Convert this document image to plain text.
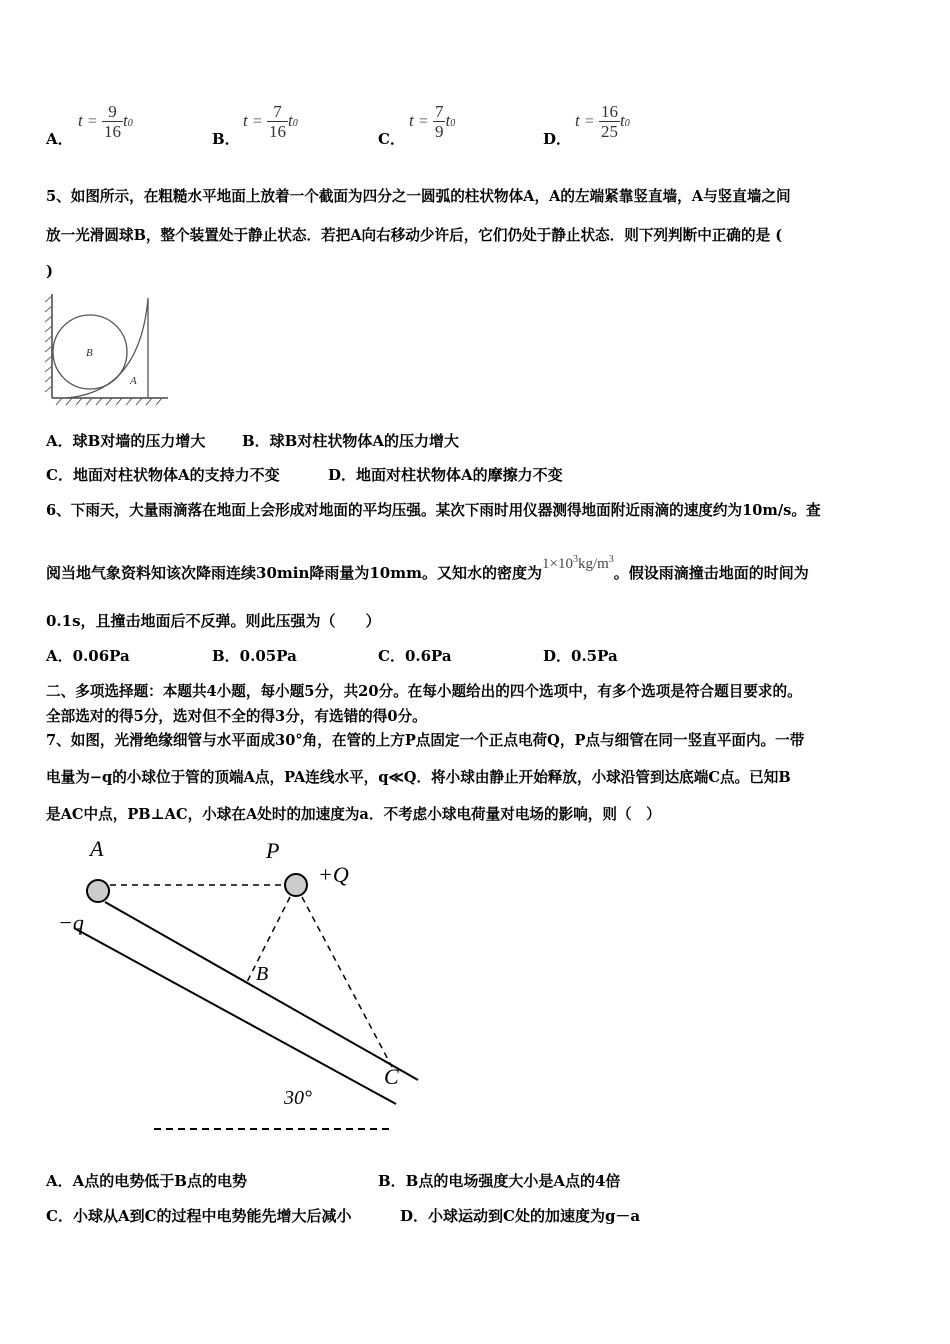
A．
$t = \frac{9}{16} t0$
B．
$t = \frac{7}{16} t0$
C．
$t = \frac{7}{9} t0$
D．
$t = \frac{16}{25} t0$
5、如图所示，在粗糙水平地面上放着一个截面为四分之一圆弧的柱状物体A，A的左端紧靠竖直墙，A与竖直墙之间
放一光滑圆球B，整个装置处于静止状态．若把A向右移动少许后，它们仍处于静止状态．则下列判断中正确的是 (
)
B
A
A．球B对墙的压力增大 B．球B对柱状物体A的压力增大
C．地面对柱状物体A的支持力不变	D．地面对柱状物体A的摩擦力不变
6、下雨天，大量雨滴落在地面上会形成对地面的平均压强。某次下雨时用仪器测得地面附近雨滴的速度约为10m/s。查
阅当地气象资料知该次降雨连续30min降雨量为10mm。又知水的密度为$1\times 10^3kg/m^3$。假设雨滴撞击地面的时间为
0.1s，且撞击地面后不反弹。则此压强为（　　）
A．0.06Pa	B．0.05Pa	C．0.6Pa	D．0.5Pa
二、多项选择题：本题共4小题，每小题5分，共20分。在每小题给出的四个选项中，有多个选项是符合题目要求的。
全部选对的得5分，选对但不全的得3分，有选错的得0分。
7、如图，光滑绝缘细管与水平面成30°角，在管的上方P点固定一个正点电荷Q，P点与细管在同一竖直平面内。一带
电量为−q的小球位于管的顶端A点，PA连线水平，q≪Q．将小球由静止开始释放，小球沿管到达底端C点。已知B
是AC中点，PB⊥AC，小球在A处时的加速度为a．不考虑小球电荷量对电场的影响，则（　）
A	P
+Q
−q
B
C
30°
A．A点的电势低于B点的电势	B．B点的电场强度大小是A点的4倍
C．小球从A到C的过程中电势能先增大后减小	D．小球运动到C处的加速度为g－a
